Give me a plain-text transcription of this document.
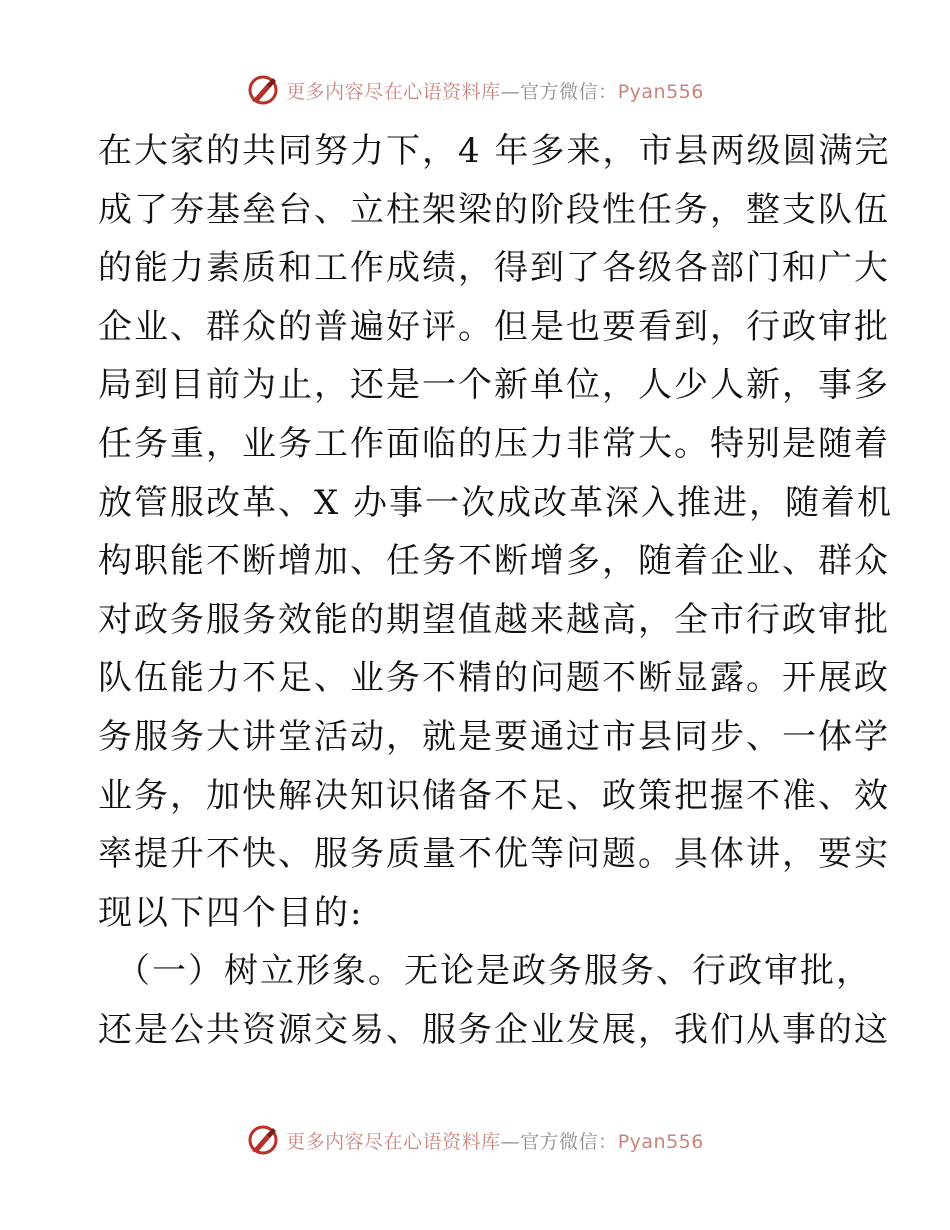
更多内容尽在心语资料库—官方微信：Pyan556
在大家的共同努力下，4 年多来，市县两级圆满完
成了夯基垒台、立柱架梁的阶段性任务，整支队伍
的能力素质和工作成绩，得到了各级各部门和广大
企业、群众的普遍好评。但是也要看到，行政审批
局到目前为止，还是一个新单位，人少人新，事多
任务重，业务工作面临的压力非常大。特别是随着
放管服改革、X 办事一次成改革深入推进，随着机
构职能不断增加、任务不断增多，随着企业、群众
对政务服务效能的期望值越来越高，全市行政审批
队伍能力不足、业务不精的问题不断显露。开展政
务服务大讲堂活动，就是要通过市县同步、一体学
业务，加快解决知识储备不足、政策把握不准、效
率提升不快、服务质量不优等问题。具体讲，要实
现以下四个目的:
（一）树立形象。无论是政务服务、行政审批，
还是公共资源交易、服务企业发展，我们从事的这
更多内容尽在心语资料库—官方微信：Pyan556
